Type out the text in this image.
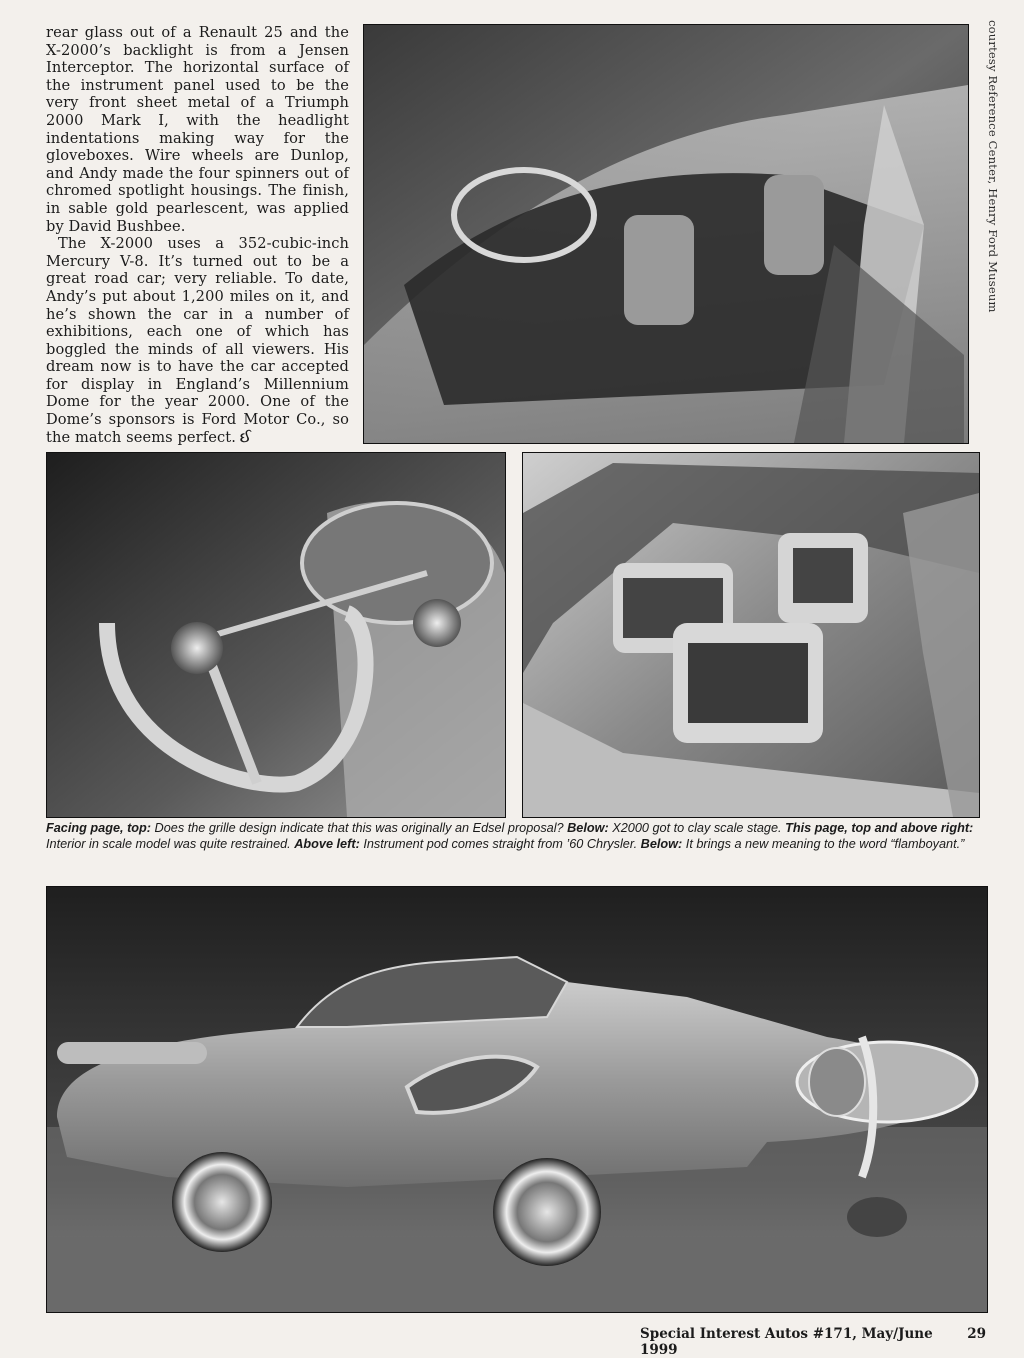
rear glass out of a Renault 25 and the X-2000’s backlight is from a Jensen Interceptor. The horizontal surface of the instrument panel used to be the very front sheet metal of a Triumph 2000 Mark I, with the headlight indentations making way for the gloveboxes. Wire wheels are Dunlop, and Andy made the four spinners out of chromed spotlight housings. The finish, in sable gold pearlescent, was applied by David Bushbee.

The X-2000 uses a 352-cubic-inch Mercury V-8. It’s turned out to be a great road car; very reliable. To date, Andy’s put about 1,200 miles on it, and he’s shown the car in a number of exhibitions, each one of which has boggled the minds of all viewers. His dream now is to have the car accepted for display in England’s Millennium Dome for the year 2000. One of the Dome’s sponsors is Ford Motor Co., so the match seems perfect. ઈ

courtesy Reference Center, Henry Ford Museum
Facing page, top: Does the grille design indicate that this was originally an Edsel proposal? Below: X2000 got to clay scale stage. This page, top and above right: Interior in scale model was quite restrained. Above left: Instrument pod comes straight from ’60 Chrysler. Below: It brings a new meaning to the word “flamboyant.”
Special Interest Autos #171, May/June 1999
29
